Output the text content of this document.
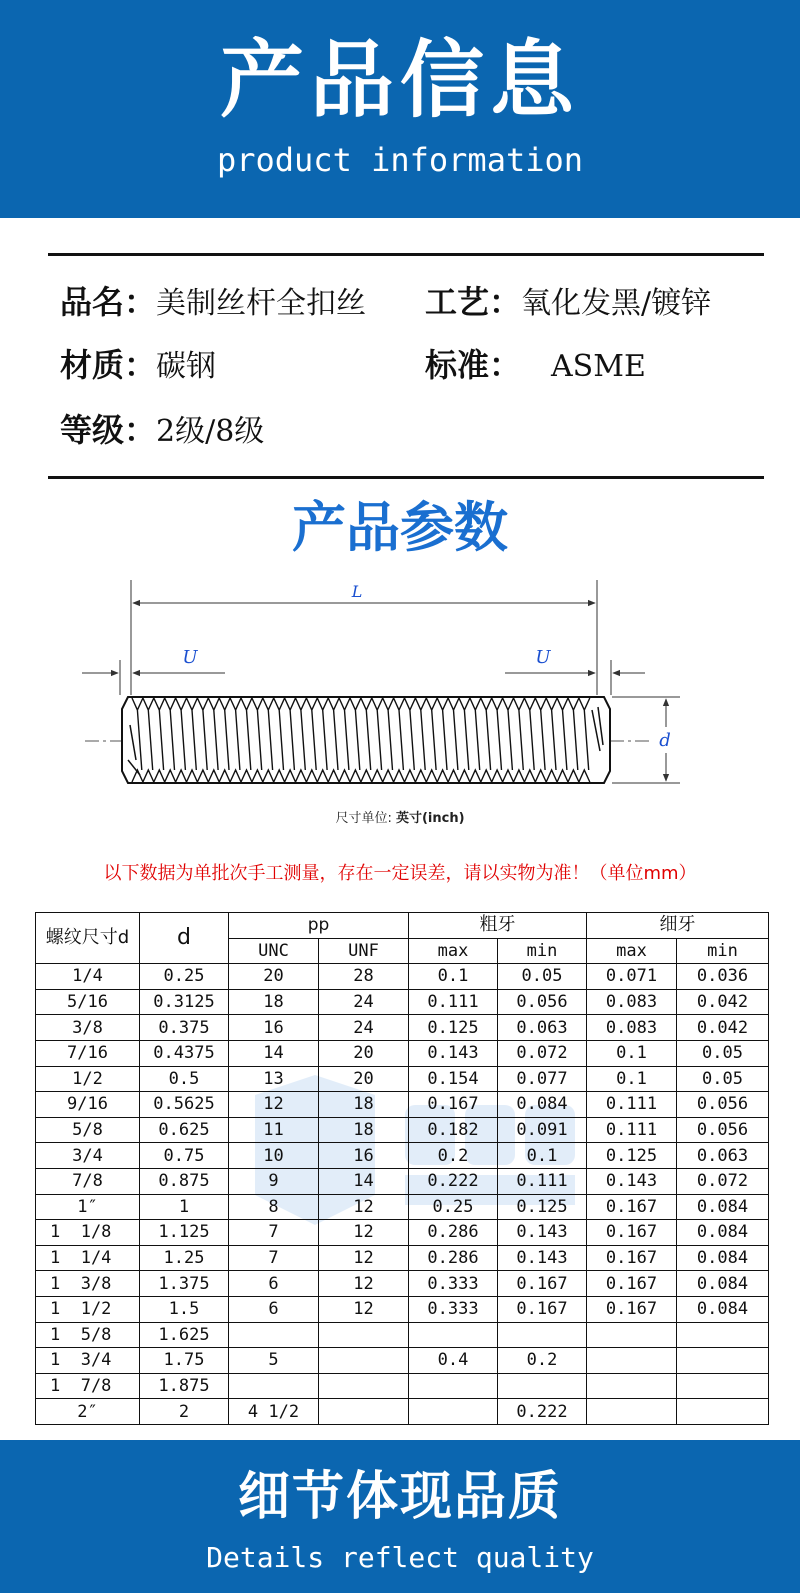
产品信息
product information
品名：美制丝杆全扣丝 工艺：氧化发黑/镀锌
材质：碳钢	标准： ASME
等级：2级/8级
产品参数
L
U	U
d
尺寸单位: 英寸(inch)
以下数据为单批次手工测量，存在一定误差，请以实物为准！（单位mm）
螺纹尺寸d	d	pp		粗牙		细牙	
		UNC	UNF	max	min	max	min
1/4	0.25	20	28	0.1	0.05	0.071	0.036
5/16	0.3125	18	24	0.111	0.056	0.083	0.042
3/8	0.375	16	24	0.125	0.063	0.083	0.042
7/16	0.4375	14	20	0.143	0.072	0.1	0.05
1/2	0.5	13	20	0.154	0.077	0.1	0.05
9/16	0.5625	12	18	0.167	0.084	0.111	0.056
5/8	0.625	11	18	0.182	0.091	0.111	0.056
3/4	0.75	10	16	0.2	0.1	0.125	0.063
7/8	0.875	9	14	0.222	0.111	0.143	0.072
1″	1	8	12	0.25	0.125	0.167	0.084
1  1/8	1.125	7	12	0.286	0.143	0.167	0.084
1  1/4	1.25	7	12	0.286	0.143	0.167	0.084
1  3/8	1.375	6	12	0.333	0.167	0.167	0.084
1  1/2	1.5	6	12	0.333	0.167	0.167	0.084
1  5/8	1.625						
1  3/4	1.75	5		0.4	0.2		
1  7/8	1.875						
2″	2	4 1/2			0.222		
细节体现品质
Details reflect quality
